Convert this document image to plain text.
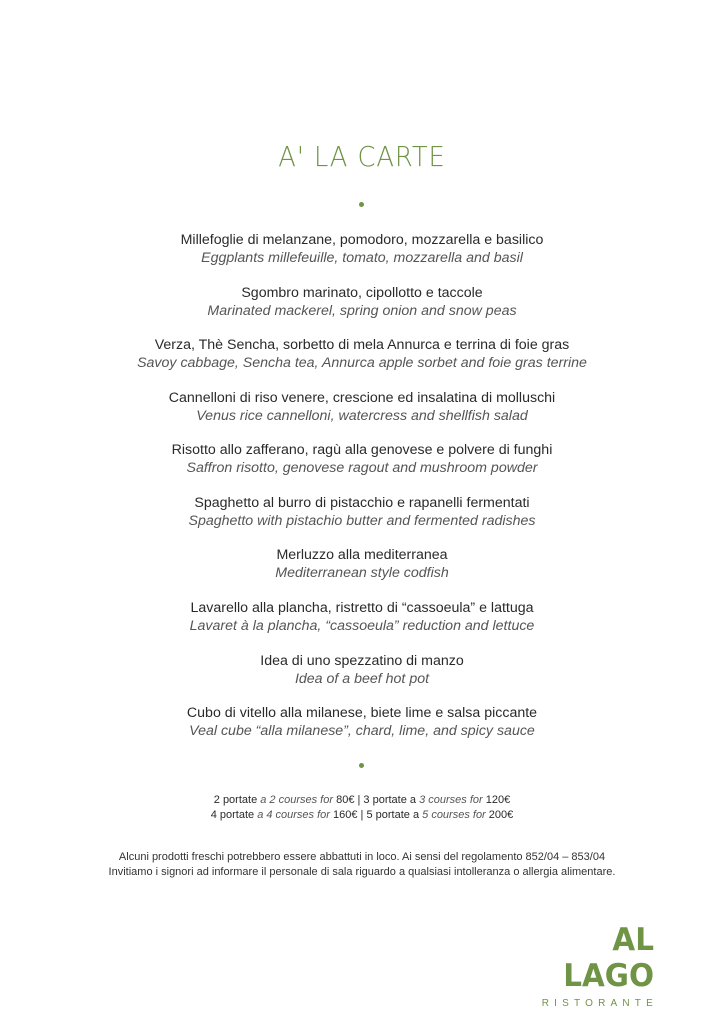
A' LA CARTE
Millefoglie di melanzane, pomodoro, mozzarella e basilico
Eggplants millefeuille, tomato, mozzarella and basil
Sgombro marinato, cipollotto e taccole
Marinated mackerel, spring onion and snow peas
Verza, Thè Sencha, sorbetto di mela Annurca e terrina di foie gras
Savoy cabbage, Sencha tea, Annurca apple sorbet and foie gras terrine
Cannelloni di riso venere, crescione ed insalatina di molluschi
Venus rice cannelloni, watercress and shellfish salad
Risotto allo zafferano, ragù alla genovese e polvere di funghi
Saffron risotto, genovese ragout and mushroom powder
Spaghetto al burro di pistacchio e rapanelli fermentati
Spaghetto with pistachio butter and fermented radishes
Merluzzo alla mediterranea
Mediterranean style codfish
Lavarello alla plancha, ristretto di “cassoeula” e lattuga
Lavaret à la plancha, “cassoeula” reduction and lettuce
Idea di uno spezzatino di manzo
Idea of a beef hot pot
Cubo di vitello alla milanese, biete lime e salsa piccante
Veal cube “alla milanese”, chard, lime, and spicy sauce
2 portate a 2 courses for 80€ | 3 portate a 3 courses for 120€
4 portate a 4 courses for 160€ | 5 portate a 5 courses for 200€
Alcuni prodotti freschi potrebbero essere abbattuti in loco. Ai sensi del regolamento 852/04 – 853/04
Invitiamo i signori ad informare il personale di sala riguardo a qualsiasi intolleranza o allergia alimentare.
AL LAGO
RISTORANTE
